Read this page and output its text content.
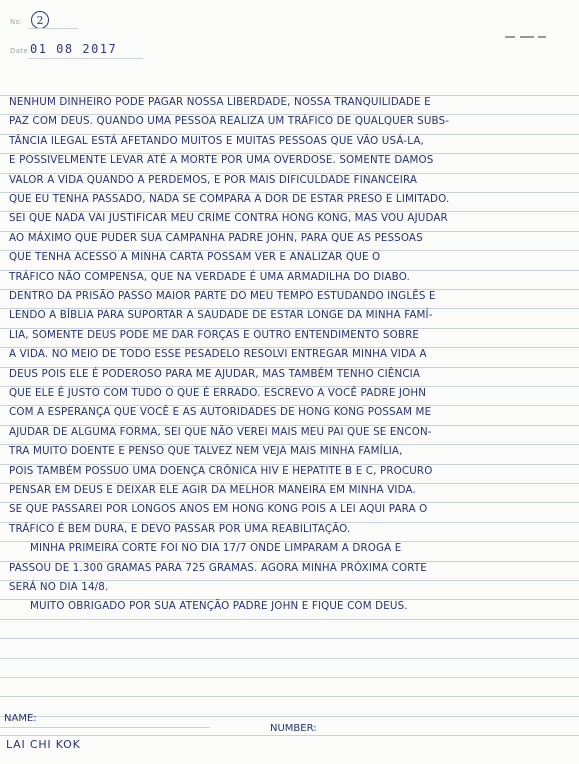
No. 2
Date 01 08 2017
NENHUM DINHEIRO PODE PAGAR NOSSA LIBERDADE, NOSSA TRANQUILIDADE E
PAZ COM DEUS. QUANDO UMA PESSOA REALIZA UM TRÁFICO DE QUALQUER SUBS-
TÂNCIA ILEGAL ESTÁ AFETANDO MUITOS E MUITAS PESSOAS QUE VÃO USÁ-LA,
E POSSIVELMENTE LEVAR ATÉ A MORTE POR UMA OVERDOSE. SOMENTE DAMOS
VALOR A VIDA QUANDO A PERDEMOS, E POR MAIS DIFICULDADE FINANCEIRA
QUE EU TENHA PASSADO, NADA SE COMPARA A DOR DE ESTAR PRESO E LIMITADO.
SEI QUE NADA VAI JUSTIFICAR MEU CRIME CONTRA HONG KONG, MAS VOU AJUDAR
AO MÁXIMO QUE PUDER SUA CAMPANHA PADRE JOHN, PARA QUE AS PESSOAS
QUE TENHA ACESSO A MINHA CARTA POSSAM VER E ANALIZAR QUE O
TRÁFICO NÃO COMPENSA, QUE NA VERDADE É UMA ARMADILHA DO DIABO.
DENTRO DA PRISÃO PASSO MAIOR PARTE DO MEU TEMPO ESTUDANDO INGLÊS E
LENDO A BÍBLIA PARA SUPORTAR A SAUDADE DE ESTAR LONGE DA MINHA FAMÍ-
LIA, SOMENTE DEUS PODE ME DAR FORÇAS E OUTRO ENTENDIMENTO SOBRE
A VIDA. NO MEIO DE TODO ESSE PESADELO RESOLVI ENTREGAR MINHA VIDA A
DEUS POIS ELE É PODEROSO PARA ME AJUDAR, MAS TAMBÉM TENHO CIÊNCIA
QUE ELE É JUSTO COM TUDO O QUE É ERRADO. ESCREVO A VOCÊ PADRE JOHN
COM A ESPERANÇA QUE VOCÊ E AS AUTORIDADES DE HONG KONG POSSAM ME
AJUDAR DE ALGUMA FORMA, SEI QUE NÃO VEREI MAIS MEU PAI QUE SE ENCON-
TRA MUITO DOENTE E PENSO QUE TALVEZ NEM VEJA MAIS MINHA FAMÍLIA,
POIS TAMBÉM POSSUO UMA DOENÇA CRÔNICA HIV E HEPATITE B E C, PROCURO
PENSAR EM DEUS E DEIXAR ELE AGIR DA MELHOR MANEIRA EM MINHA VIDA.
SE QUE PASSAREI POR LONGOS ANOS EM HONG KONG POIS A LEI AQUI PARA O
TRÁFICO É BEM DURA, E DEVO PASSAR POR UMA REABILITAÇÃO.
MINHA PRIMEIRA CORTE FOI NO DIA 17/7 ONDE LIMPARAM A DROGA E
PASSOU DE 1.300 GRAMAS PARA 725 GRAMAS. AGORA MINHA PRÓXIMA CORTE
SERÁ NO DIA 14/8.
MUITO OBRIGADO POR SUA ATENÇÃO PADRE JOHN E FIQUE COM DEUS.
NAME:
LAI CHI KOK
NUMBER:
